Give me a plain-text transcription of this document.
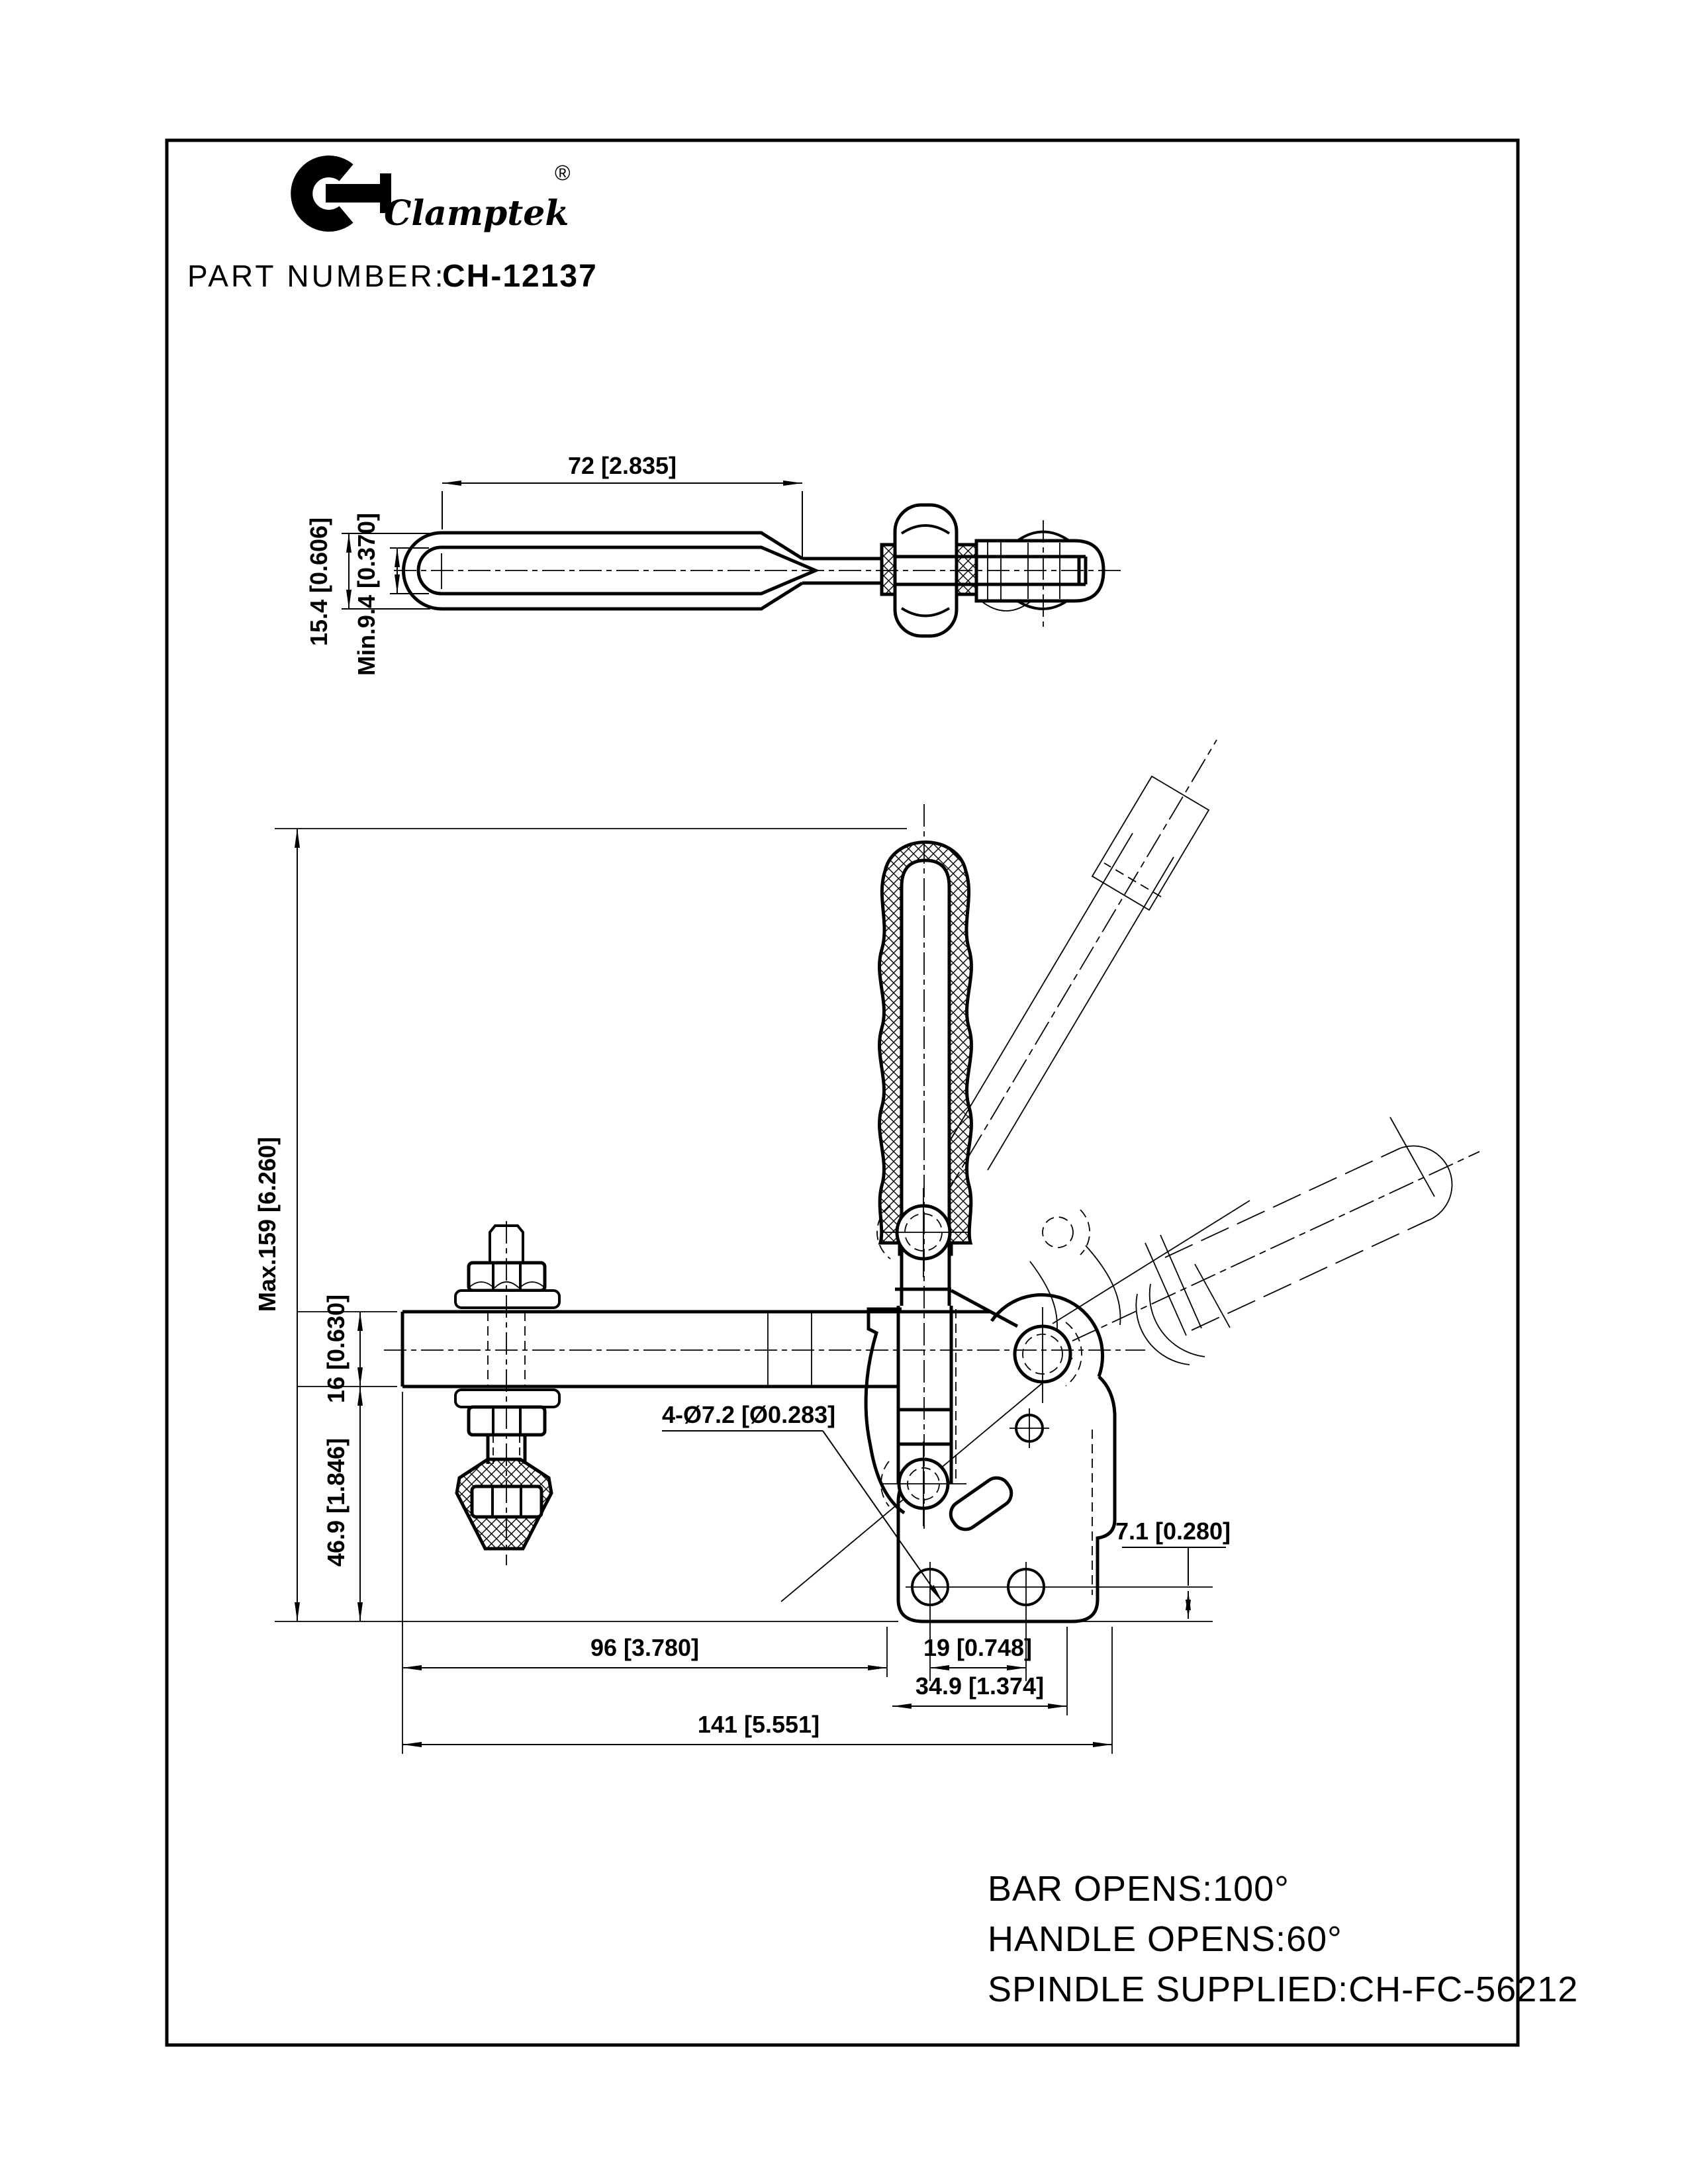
Clamptek
®
PART NUMBER:
CH-12137
72 [2.835]
15.4 [0.606] Min.9.4 [0.370]
Max.159 [6.260]
16 [0.630]
46.9 [1.846]
96 [3.780]	19 [0.748]
34.9 [1.374]
141 [5.551]
7.1 [0.280]
4-Ø7.2 [Ø0.283]
BAR OPENS:100°
HANDLE OPENS:60°
SPINDLE SUPPLIED:CH-FC-56212
